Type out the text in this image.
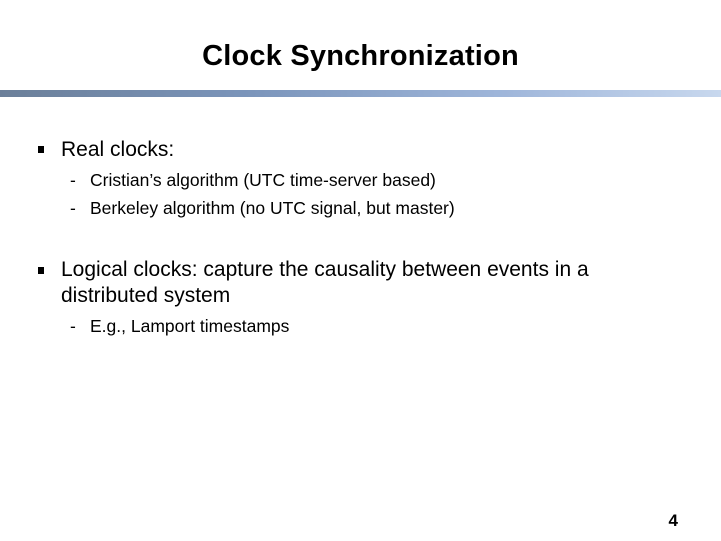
Clock Synchronization
Real clocks:
- Cristian’s algorithm (UTC time-server based)
- Berkeley algorithm (no UTC signal, but master)
Logical clocks: capture the causality between events in a distributed system
- E.g., Lamport timestamps
4
